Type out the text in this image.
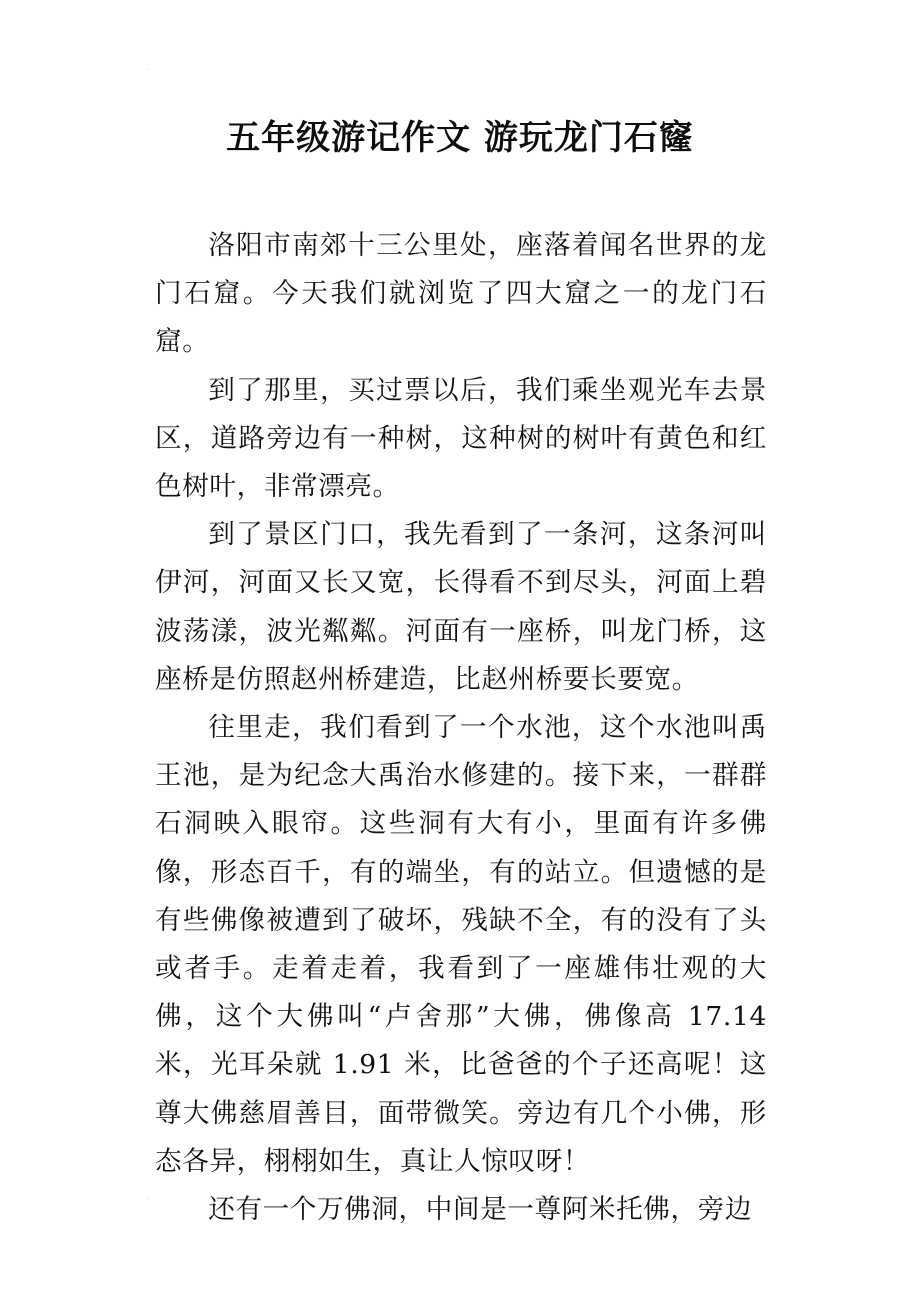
⸱
五年级游记作文 游玩龙门石窿

洛阳市南郊十三公里处，座落着闻名世界的龙门石窟。今天我们就浏览了四大窟之一的龙门石窟。

到了那里，买过票以后，我们乘坐观光车去景区，道路旁边有一种树，这种树的树叶有黄色和红色树叶，非常漂亮。

到了景区门口，我先看到了一条河，这条河叫伊河，河面又长又宽，长得看不到尽头，河面上碧波荡漾，波光粼粼。河面有一座桥，叫龙门桥，这座桥是仿照赵州桥建造，比赵州桥要长要宽。

往里走，我们看到了一个水池，这个水池叫禹王池，是为纪念大禹治水修建的。接下来，一群群石洞映入眼帘。这些洞有大有小，里面有许多佛像，形态百千，有的端坐，有的站立。但遗憾的是有些佛像被遭到了破坏，残缺不全，有的没有了头或者手。走着走着，我看到了一座雄伟壮观的大佛，这个大佛叫“卢舍那”大佛，佛像高 17.14 米，光耳朵就 1.91 米，比爸爸的个子还高呢！这尊大佛慈眉善目，面带微笑。旁边有几个小佛，形态各异，栩栩如生，真让人惊叹呀！

还有一个万佛洞，中间是一尊阿米托佛，旁边

⸱
